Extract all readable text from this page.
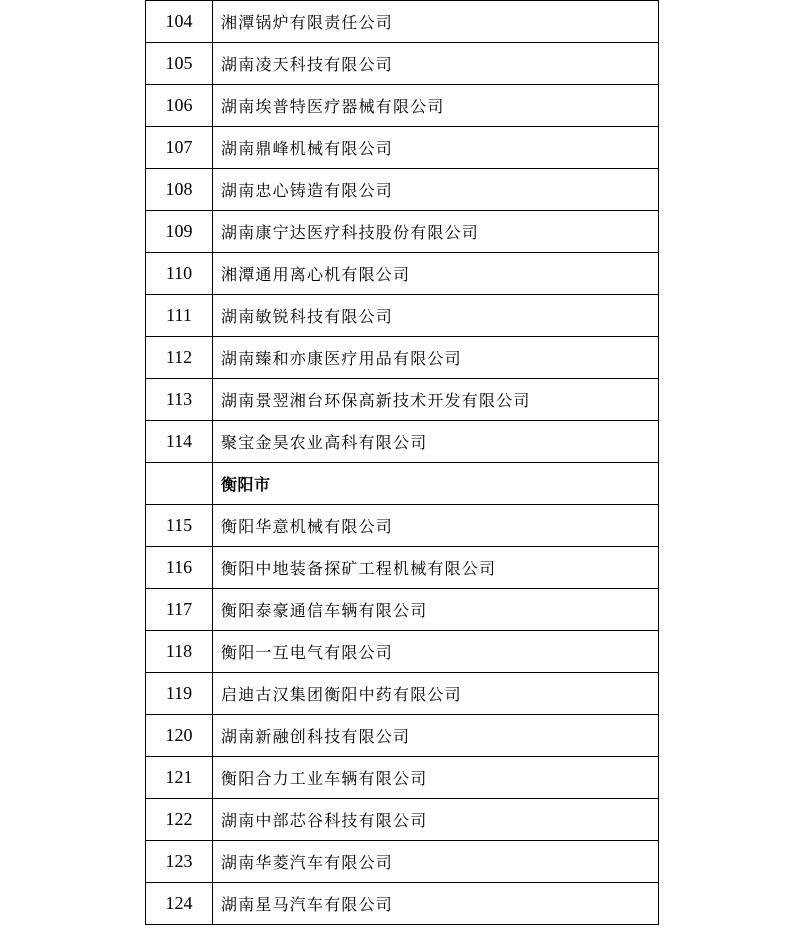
104	湘潭锅炉有限责任公司
105	湖南凌天科技有限公司
106	湖南埃普特医疗器械有限公司
107	湖南鼎峰机械有限公司
108	湖南忠心铸造有限公司
109	湖南康宁达医疗科技股份有限公司
110	湘潭通用离心机有限公司
111	湖南敏锐科技有限公司
112	湖南臻和亦康医疗用品有限公司
113	湖南景翌湘台环保高新技术开发有限公司
114	聚宝金昊农业高科有限公司
	衡阳市
115	衡阳华意机械有限公司
116	衡阳中地装备探矿工程机械有限公司
117	衡阳泰豪通信车辆有限公司
118	衡阳一互电气有限公司
119	启迪古汉集团衡阳中药有限公司
120	湖南新融创科技有限公司
121	衡阳合力工业车辆有限公司
122	湖南中部芯谷科技有限公司
123	湖南华菱汽车有限公司
124	湖南星马汽车有限公司
